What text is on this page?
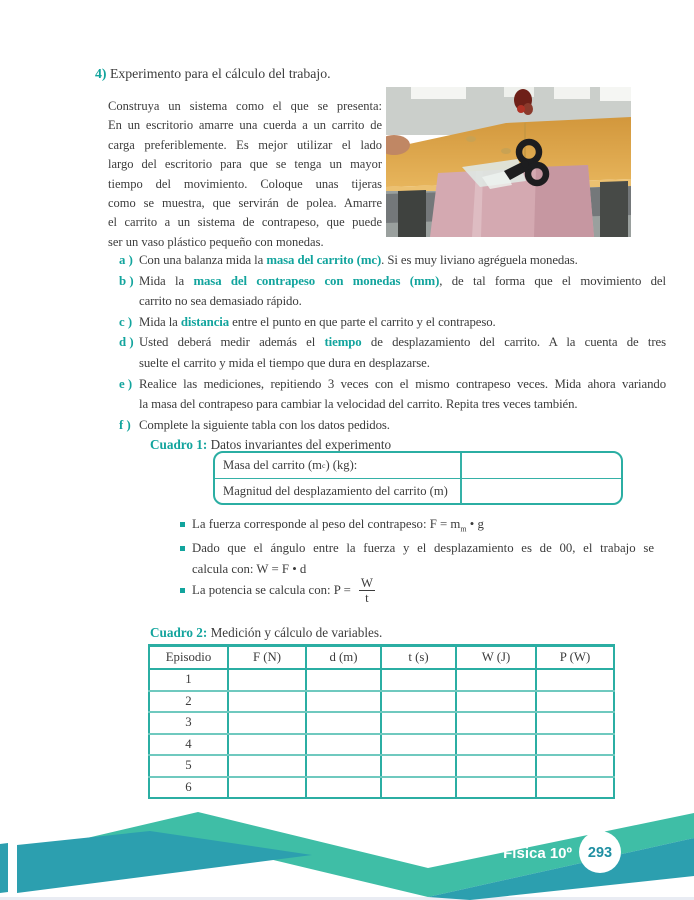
4) Experimento para el cálculo del trabajo.
Construya un sistema como el que se presenta:
En un escritorio amarre una cuerda a un carrito de
carga preferiblemente. Es mejor utilizar el lado
largo del escritorio para que se tenga un mayor
tiempo del movimiento. Coloque unas tijeras
como se muestra, que servirán de polea. Amarre
el carrito a un sistema de contrapeso, que puede
ser un vaso plástico pequeño con monedas.
a ) Con una balanza mida la masa del carrito (mc). Si es muy liviano agréguela monedas.
b ) Mida la masa del contrapeso con monedas (mm), de tal forma que el movimiento del
carrito no sea demasiado rápido.
c ) Mida la distancia entre el punto en que parte el carrito y el contrapeso.
d ) Usted deberá medir además el tiempo de desplazamiento del carrito. A la cuenta de tres
suelte el carrito y mida el tiempo que dura en desplazarse.
e ) Realice las mediciones, repitiendo 3 veces con el mismo contrapeso veces. Mida ahora variando
la masa del contrapeso para cambiar la velocidad del carrito. Repita tres veces también.
f ) Complete la siguiente tabla con los datos pedidos.
Cuadro 1: Datos invariantes del experimento
Masa del carrito (m c ) (kg):
Magnitud del desplazamiento del carrito (m)
La fuerza corresponde al peso del contrapeso: $F = m_m$ • g
Dado que el ángulo entre la fuerza y el desplazamiento es de 00, el trabajo se
calcula con: W = F • d
La potencia se calcula con: $P = \frac{W}{t}$
Cuadro 2: Medición y cálculo de variables.
Episodio	F (N)	d (m)	t (s)	W (J)	P (W)
1					
2					
3					
4					
5					
6					
Física 10º 293
